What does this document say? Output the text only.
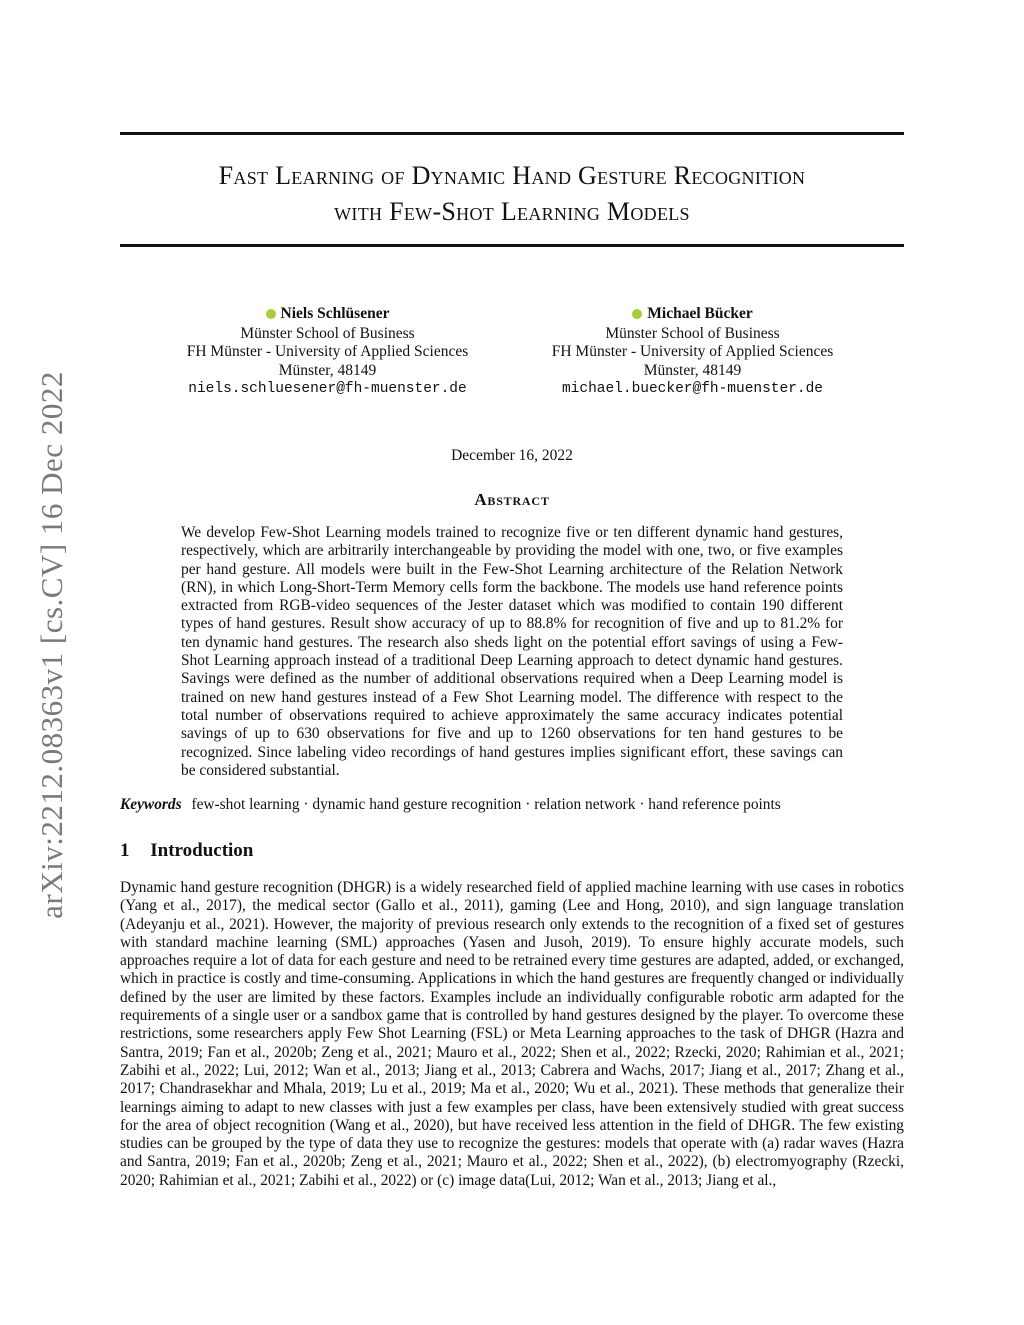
arXiv:2212.08363v1 [cs.CV] 16 Dec 2022
Fast Learning of Dynamic Hand Gesture Recognition
with Few-Shot Learning Models
Niels Schlüsener
Münster School of Business
FH Münster - University of Applied Sciences
Münster, 48149
niels.schluesener@fh-muenster.de
Michael Bücker
Münster School of Business
FH Münster - University of Applied Sciences
Münster, 48149
michael.buecker@fh-muenster.de
December 16, 2022
Abstract

We develop Few-Shot Learning models trained to recognize five or ten different dynamic hand gestures, respectively, which are arbitrarily interchangeable by providing the model with one, two, or five examples per hand gesture. All models were built in the Few-Shot Learning architecture of the Relation Network (RN), in which Long-Short-Term Memory cells form the backbone. The models use hand reference points extracted from RGB-video sequences of the Jester dataset which was modified to contain 190 different types of hand gestures. Result show accuracy of up to 88.8% for recognition of five and up to 81.2% for ten dynamic hand gestures. The research also sheds light on the potential effort savings of using a Few-Shot Learning approach instead of a traditional Deep Learning approach to detect dynamic hand gestures. Savings were defined as the number of additional observations required when a Deep Learning model is trained on new hand gestures instead of a Few Shot Learning model. The difference with respect to the total number of observations required to achieve approximately the same accuracy indicates potential savings of up to 630 observations for five and up to 1260 observations for ten hand gestures to be recognized. Since labeling video recordings of hand gestures implies significant effort, these savings can be considered substantial.

Keywords few-shot learning · dynamic hand gesture recognition · relation network · hand reference points
1 Introduction

Dynamic hand gesture recognition (DHGR) is a widely researched field of applied machine learning with use cases in robotics (Yang et al., 2017), the medical sector (Gallo et al., 2011), gaming (Lee and Hong, 2010), and sign language translation (Adeyanju et al., 2021). However, the majority of previous research only extends to the recognition of a fixed set of gestures with standard machine learning (SML) approaches (Yasen and Jusoh, 2019). To ensure highly accurate models, such approaches require a lot of data for each gesture and need to be retrained every time gestures are adapted, added, or exchanged, which in practice is costly and time-consuming. Applications in which the hand gestures are frequently changed or individually defined by the user are limited by these factors. Examples include an individually configurable robotic arm adapted for the requirements of a single user or a sandbox game that is controlled by hand gestures designed by the player. To overcome these restrictions, some researchers apply Few Shot Learning (FSL) or Meta Learning approaches to the task of DHGR (Hazra and Santra, 2019; Fan et al., 2020b; Zeng et al., 2021; Mauro et al., 2022; Shen et al., 2022; Rzecki, 2020; Rahimian et al., 2021; Zabihi et al., 2022; Lui, 2012; Wan et al., 2013; Jiang et al., 2013; Cabrera and Wachs, 2017; Jiang et al., 2017; Zhang et al., 2017; Chandrasekhar and Mhala, 2019; Lu et al., 2019; Ma et al., 2020; Wu et al., 2021). These methods that generalize their learnings aiming to adapt to new classes with just a few examples per class, have been extensively studied with great success for the area of object recognition (Wang et al., 2020), but have received less attention in the field of DHGR. The few existing studies can be grouped by the type of data they use to recognize the gestures: models that operate with (a) radar waves (Hazra and Santra, 2019; Fan et al., 2020b; Zeng et al., 2021; Mauro et al., 2022; Shen et al., 2022), (b) electromyography (Rzecki, 2020; Rahimian et al., 2021; Zabihi et al., 2022) or (c) image data(Lui, 2012; Wan et al., 2013; Jiang et al.,
